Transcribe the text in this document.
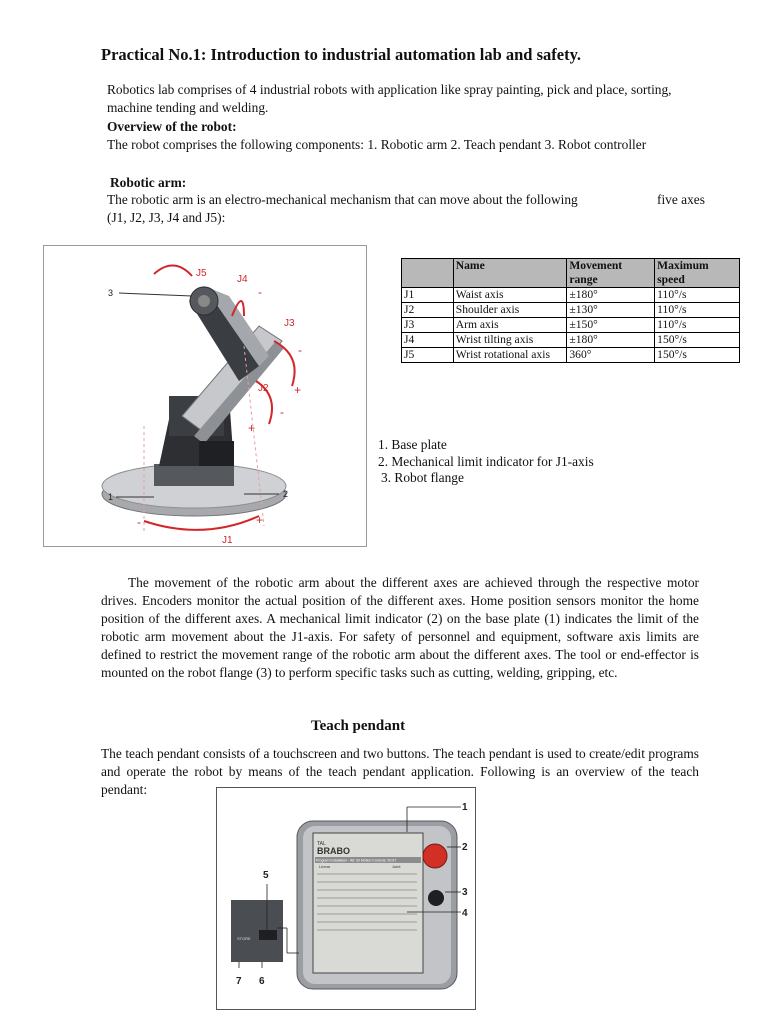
Practical No.1: Introduction to industrial automation lab and safety.
Robotics lab comprises of 4 industrial robots with application like spray painting, pick and place, sorting, machine tending and welding.
Overview of the robot:
The robot comprises the following components: 1. Robotic arm 2. Teach pendant 3. Robot controller
Robotic arm:
The robotic arm is an electro-mechanical mechanism that can move about the following	five axes
(J1, J2, J3, J4 and J5):
J5
J4
J3
J2
J1
-
-
-
+
+
-	+
3
1	2
	Name	Movement range	Maximum speed
J1	Waist axis	±180°	110°/s
J2	Shoulder axis	±130°	110°/s
J3	Arm axis	±150°	110°/s
J4	Wrist tilting axis	±180°	150°/s
J5	Wrist rotational axis	360°	150°/s
1. Base plate
2. Mechanical limit indicator for J1-axis
3. Robot flange
The movement of the robotic arm about the different axes are achieved through the respective motor drives. Encoders monitor the actual position of the different axes. Home position sensors monitor the home position of the different axes. A mechanical limit indicator (2) on the base plate (1) indicates the limit of the robotic arm movement about the J1-axis. For safety of personnel and equipment, software axis limits are defined to restrict the movement range of the robotic arm about the different axes. The tool or end-effector is mounted on the robot flange (3) to perform specific tasks such as cutting, welding, gripping, etc.
Teach pendant
The teach pendant consists of a touchscreen and two buttons. The teach pendant is used to create/edit programs and operate the robot by means of the teach pendant application. Following is an overview of the teach pendant:
TAL
BRABO
Program Installation - Alt: 00 Motion Controls: 00:07
Linear	Joint
STORE
1
2
3
4
5
6
7
